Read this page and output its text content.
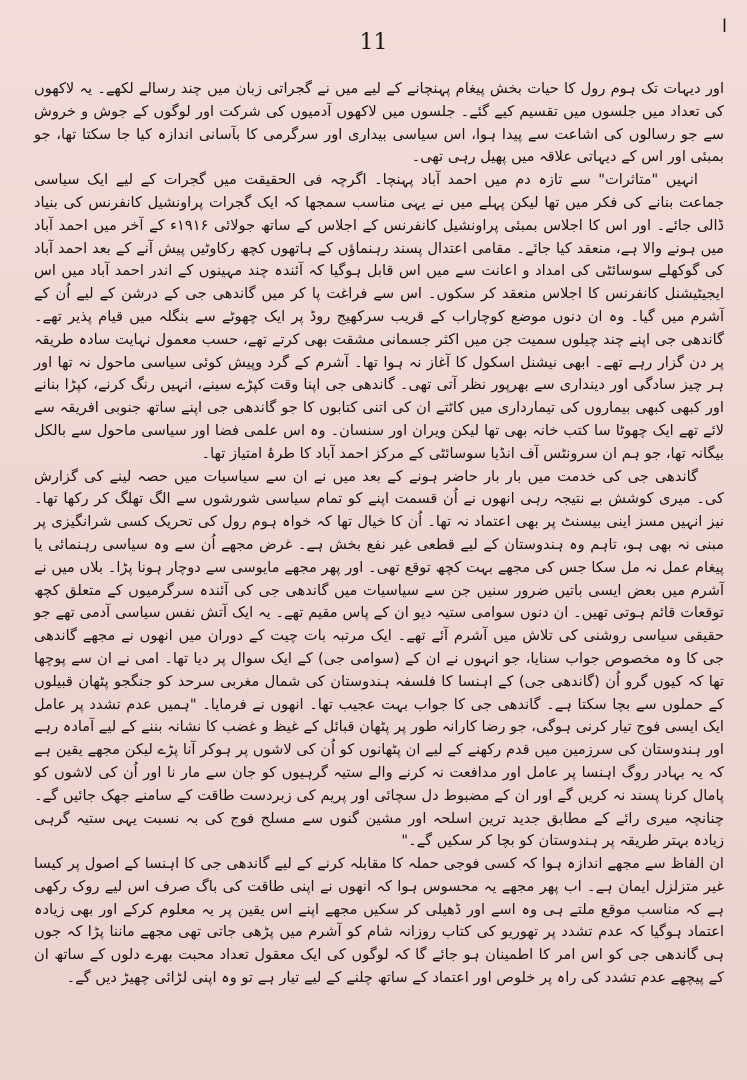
ا
11

اور دیہات تک ہوم رول کا حیات بخش پیغام پہنچانے کے لیے میں نے گجراتی زبان میں چند رسالے لکھے۔ یہ لاکھوں کی تعداد میں جلسوں میں تقسیم کیے گئے۔ جلسوں میں لاکھوں آدمیوں کی شرکت اور لوگوں کے جوش و خروش سے جو رسالوں کی اشاعت سے پیدا ہوا، اس سیاسی بیداری اور سرگرمی کا بآسانی اندازہ کیا جا سکتا تھا، جو بمبئی اور اس کے دیہاتی علاقہ میں پھیل رہی تھی۔

انہیں "متاثرات" سے تازہ دم میں احمد آباد پہنچا۔ اگرچہ فی الحقیقت میں گجرات کے لیے ایک سیاسی جماعت بنانے کی فکر میں تھا لیکن پہلے میں نے یہی مناسب سمجھا کہ ایک گجرات پراونشیل کانفرنس کی بنیاد ڈالی جائے۔ اور اس کا اجلاس بمبئی پراونشیل کانفرنس کے اجلاس کے ساتھ جولائی ۱۹۱۶ء کے آخر میں احمد آباد میں ہونے والا ہے، منعقد کیا جائے۔ مقامی اعتدال پسند رہنماؤں کے ہاتھوں کچھ رکاوٹیں پیش آنے کے بعد احمد آباد کی گوکھلے سوسائٹی کی امداد و اعانت سے میں اس قابل ہوگیا کہ آئندہ چند مہینوں کے اندر احمد آباد میں اس ایجیٹیشنل کانفرنس کا اجلاس منعقد کر سکوں۔ اس سے فراغت پا کر میں گاندھی جی کے درشن کے لیے اُن کے آشرم میں گیا۔ وہ ان دنوں موضع کوچاراب کے قریب سرکھیج روڈ پر ایک چھوٹے سے بنگلہ میں قیام پذیر تھے۔ گاندھی جی اپنے چند چیلوں سمیت جن میں اکثر جسمانی مشقت بھی کرتے تھے، حسب معمول نہایت سادہ طریقہ پر دن گزار رہے تھے۔ ابھی نیشنل اسکول کا آغاز نہ ہوا تھا۔ آشرم کے گرد وپیش کوئی سیاسی ماحول نہ تھا اور ہر چیز سادگی اور دینداری سے بھرپور نظر آتی تھی۔ گاندھی جی اپنا وقت کپڑے سینے، انہیں رنگ کرنے، کپڑا بنانے اور کبھی کبھی بیماروں کی تیمارداری میں کاٹتے ان کی اتنی کتابوں کا جو گاندھی جی اپنے ساتھ جنوبی افریقہ سے لائے تھے ایک چھوٹا سا کتب خانہ بھی تھا لیکن ویران اور سنسان۔ وہ اس علمی فضا اور سیاسی ماحول سے بالکل بیگانہ تھا، جو ہم ان سرونٹس آف انڈیا سوسائٹی کے مرکز احمد آباد کا طرۂ امتیاز تھا۔

گاندھی جی کی خدمت میں بار بار حاضر ہونے کے بعد میں نے ان سے سیاسیات میں حصہ لینے کی گزارش کی۔ میری کوشش بے نتیجہ رہی انھوں نے اُن قسمت اپنے کو تمام سیاسی شورشوں سے الگ تھلگ کر رکھا تھا۔ نیز انہیں مسز اینی بیسنٹ پر بھی اعتماد نہ تھا۔ اُن کا خیال تھا کہ خواہ ہوم رول کی تحریک کسی شرانگیزی پر مبنی نہ بھی ہو، تاہم وہ ہندوستان کے لیے قطعی غیر نفع بخش ہے۔ غرض مجھے اُن سے وہ سیاسی رہنمائی یا پیغام عمل نہ مل سکا جس کی مجھے بہت کچھ توقع تھی۔ اور پھر مجھے مایوسی سے دوچار ہونا پڑا۔ بلاں میں نے آشرم میں بعض ایسی باتیں ضرور سنیں جن سے سیاسیات میں گاندھی جی کی آئندہ سرگرمیوں کے متعلق کچھ توقعات قائم ہوتی تھیں۔ ان دنوں سوامی ستیہ دیو ان کے پاس مقیم تھے۔ یہ ایک آتش نفس سیاسی آدمی تھے جو حقیقی سیاسی روشنی کی تلاش میں آشرم آئے تھے۔ ایک مرتبہ بات چیت کے دوران میں انھوں نے مجھے گاندھی جی کا وہ مخصوص جواب سنایا، جو انہوں نے ان کے (سوامی جی) کے ایک سوال پر دیا تھا۔ امی نے ان سے پوچھا تھا کہ کیوں گرو اُن (گاندھی جی) کے اہنسا کا فلسفہ ہندوستان کی شمال مغربی سرحد کو جنگجو پٹھان قبیلوں کے حملوں سے بچا سکتا ہے۔ گاندھی جی کا جواب بہت عجیب تھا۔ انھوں نے فرمایا۔ "ہمیں عدم تشدد پر عامل ایک ایسی فوج تیار کرنی ہوگی، جو رضا کارانہ طور پر پٹھان قبائل کے غیظ و غضب کا نشانہ بننے کے لیے آمادہ رہے اور ہندوستان کی سرزمین میں قدم رکھنے کے لیے ان پٹھانوں کو اُن کی لاشوں پر ہوکر آنا پڑے لیکن مجھے یقین ہے کہ یہ بہادر روگ اہنسا پر عامل اور مدافعت نہ کرنے والے ستیہ گرہیوں کو جان سے مار نا اور اُن کی لاشوں کو پامال کرنا پسند نہ کریں گے اور ان کے مضبوط دل سچائی اور پریم کی زبردست طاقت کے سامنے جھک جائیں گے۔ چنانچہ میری رائے کے مطابق جدید ترین اسلحہ اور مشین گنوں سے مسلح فوج کی بہ نسبت یہی ستیہ گرہی زیادہ بہتر طریقہ پر ہندوستان کو بچا کر سکیں گے۔"

ان الفاظ سے مجھے اندازہ ہوا کہ کسی فوجی حملہ کا مقابلہ کرنے کے لیے گاندھی جی کا اہنسا کے اصول پر کیسا غیر متزلزل ایمان ہے۔ اب پھر مجھے یہ محسوس ہوا کہ انھوں نے اپنی طاقت کی باگ صرف اس لیے روک رکھی ہے کہ مناسب موقع ملتے ہی وہ اسے اور ڈھیلی کر سکیں مجھے اپنے اس یقین پر یہ معلوم کرکے اور بھی زیادہ اعتماد ہوگیا کہ عدم تشدد پر تھوریو کی کتاب روزانہ شام کو آشرم میں پڑھی جاتی تھی مجھے ماننا پڑا کہ جوں ہی گاندھی جی کو اس امر کا اطمینان ہو جائے گا کہ لوگوں کی ایک معقول تعداد محبت بھرے دلوں کے ساتھ ان کے پیچھے عدم تشدد کی راہ پر خلوص اور اعتماد کے ساتھ چلنے کے لیے تیار ہے تو وہ اپنی لڑائی چھیڑ دیں گے۔
